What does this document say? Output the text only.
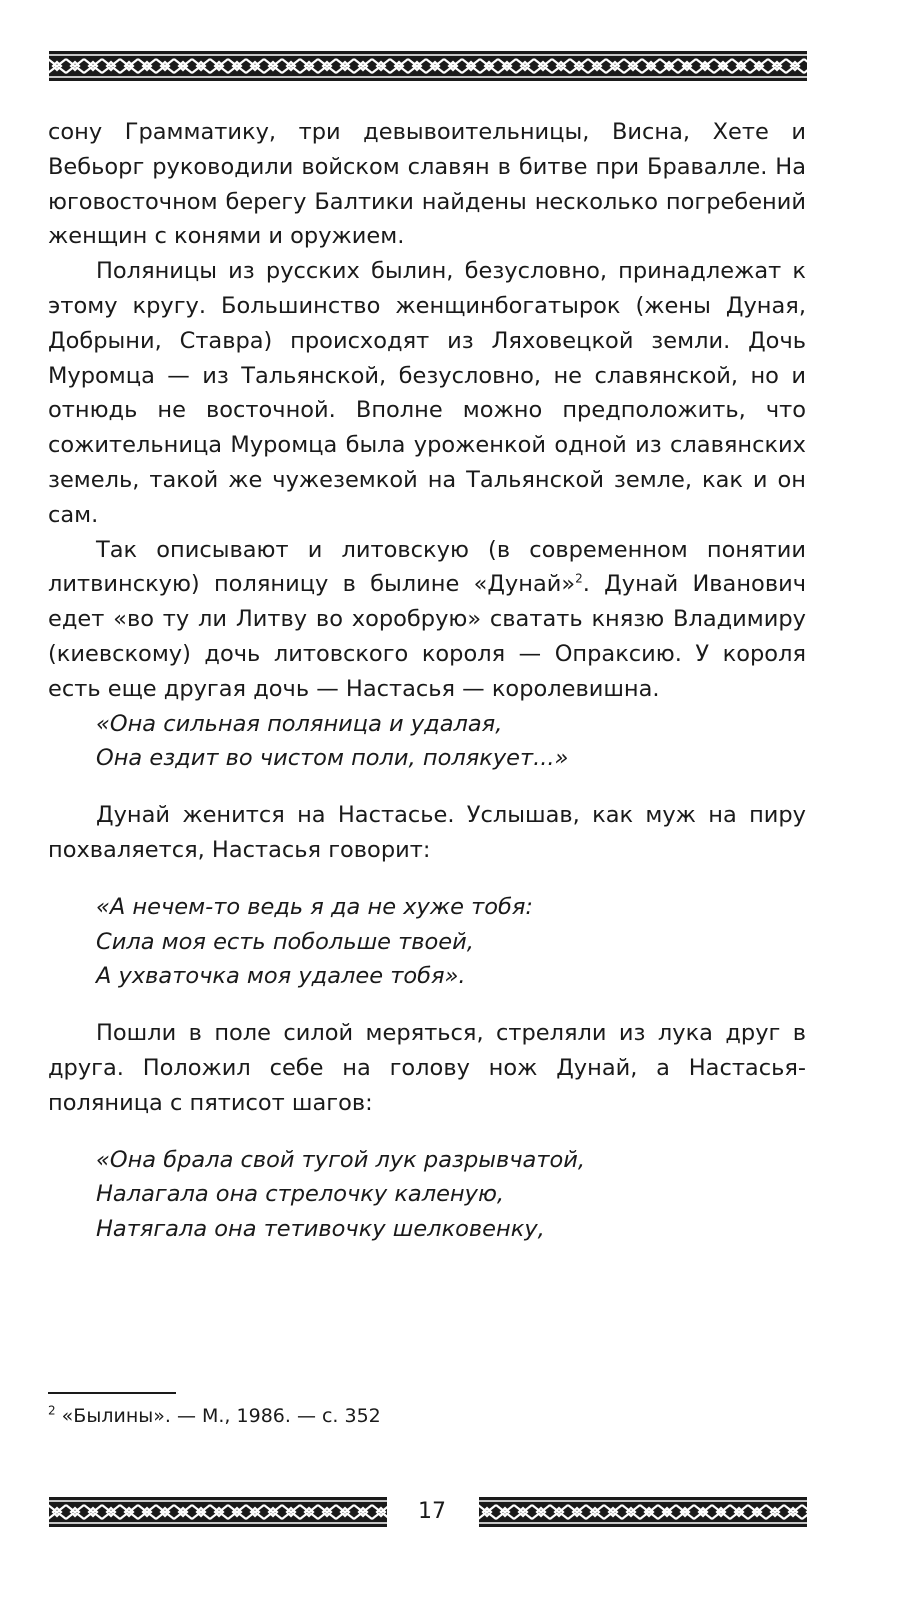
сону Грамматику, три девывоительницы, Висна, Хете и Вебьорг руководили войском славян в битве при Бравалле. На юговосточном берегу Балтики найдены несколько погребений женщин с конями и оружием.

Поляницы из русских былин, безусловно, принадлежат к этому кругу. Большинство женщинбогатырок (жены Дуная, Добрыни, Ставра) происходят из Ляховецкой земли. Дочь Муромца — из Тальянской, безусловно, не славянской, но и отнюдь не восточной. Вполне можно предположить, что сожительница Муромца была уроженкой одной из славянских земель, такой же чужеземкой на Тальянской земле, как и он сам.

Так описывают и литовскую (в современном понятии литвинскую) поляницу в былине «Дунай»$^2$. Дунай Иванович едет «во ту ли Литву во хоробрую» сватать князю Владимиру (киевскому) дочь литовского короля — Опраксию. У короля есть еще другая дочь — Настасья — королевишна.

«Она сильная поляница и удалая,
Она ездит во чистом поли, полякует...»

Дунай женится на Настасье. Услышав, как муж на пиру похваляется, Настасья говорит:

«А нечем-то ведь я да не хуже тобя:
Сила моя есть побольше твоей,
А ухваточка моя удалее тобя».

Пошли в поле силой меряться, стреляли из лука друг в друга. Положил себе на голову нож Дунай, а Настасья-поляница с пятисот шагов:

«Она брала свой тугой лук разрывчатой,
Налагала она стрелочку каленую,
Натягала она тетивочку шелковенку,
$^2$ «Былины». — М., 1986. — с. 352
17
